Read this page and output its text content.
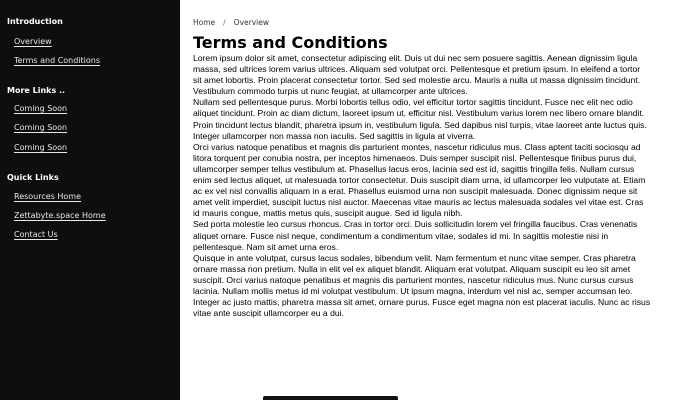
Introduction
Overview
Terms and Conditions
More Links ..
Coming Soon
Coming Soon
Coming Soon
Quick Links
Resources Home
Zettabyte.space Home
Contact Us
Home / Overview
Terms and Conditions

Lorem ipsum dolor sit amet, consectetur adipiscing elit. Duis ut dui nec sem posuere sagittis. Aenean dignissim ligula massa, sed ultrices lorem varius ultrices. Aliquam sed volutpat orci. Pellentesque et pretium ipsum. In eleifend a tortor sit amet lobortis. Proin placerat consectetur tortor. Sed sed molestie arcu. Mauris a nulla ut massa dignissim tincidunt. Vestibulum commodo turpis ut nunc feugiat, at ullamcorper ante ultrices.

Nullam sed pellentesque purus. Morbi lobortis tellus odio, vel efficitur tortor sagittis tincidunt. Fusce nec elit nec odio aliquet tincidunt. Proin ac diam dictum, laoreet ipsum ut, efficitur nisl. Vestibulum varius lorem nec libero ornare blandit. Proin tincidunt lectus blandit, pharetra ipsum in, vestibulum ligula. Sed dapibus nisl turpis, vitae laoreet ante luctus quis. Integer ullamcorper non massa non iaculis. Sed sagittis in ligula at viverra.

Orci varius natoque penatibus et magnis dis parturient montes, nascetur ridiculus mus. Class aptent taciti sociosqu ad litora torquent per conubia nostra, per inceptos himenaeos. Duis semper suscipit nisl. Pellentesque finibus purus dui, ullamcorper semper tellus vestibulum at. Phasellus lacus eros, lacinia sed est id, sagittis fringilla felis. Nullam cursus enim sed lectus aliquet, ut malesuada tortor consectetur. Duis suscipit diam urna, id ullamcorper leo vulputate at. Etiam ac ex vel nisl convallis aliquam in a erat. Phasellus euismod urna non suscipit malesuada. Donec dignissim neque sit amet velit imperdiet, suscipit luctus nisl auctor. Maecenas vitae mauris ac lectus malesuada sodales vel vitae est. Cras id mauris congue, mattis metus quis, suscipit augue. Sed id ligula nibh.

Sed porta molestie leo cursus rhoncus. Cras in tortor orci. Duis sollicitudin lorem vel fringilla faucibus. Cras venenatis aliquet ornare. Fusce nisl neque, condimentum a condimentum vitae, sodales id mi. In sagittis molestie nisi in pellentesque. Nam sit amet urna eros.

Quisque in ante volutpat, cursus lacus sodales, bibendum velit. Nam fermentum et nunc vitae semper. Cras pharetra ornare massa non pretium. Nulla in elit vel ex aliquet blandit. Aliquam erat volutpat. Aliquam suscipit eu leo sit amet suscipit. Orci varius natoque penatibus et magnis dis parturient montes, nascetur ridiculus mus. Nunc cursus cursus lacinia. Nullam mollis metus id mi volutpat vestibulum. Ut ipsum magna, interdum vel nisl ac, semper accumsan leo. Integer ac justo mattis, pharetra massa sit amet, ornare purus. Fusce eget magna non est placerat iaculis. Nunc ac risus vitae ante suscipit ullamcorper eu a dui.
